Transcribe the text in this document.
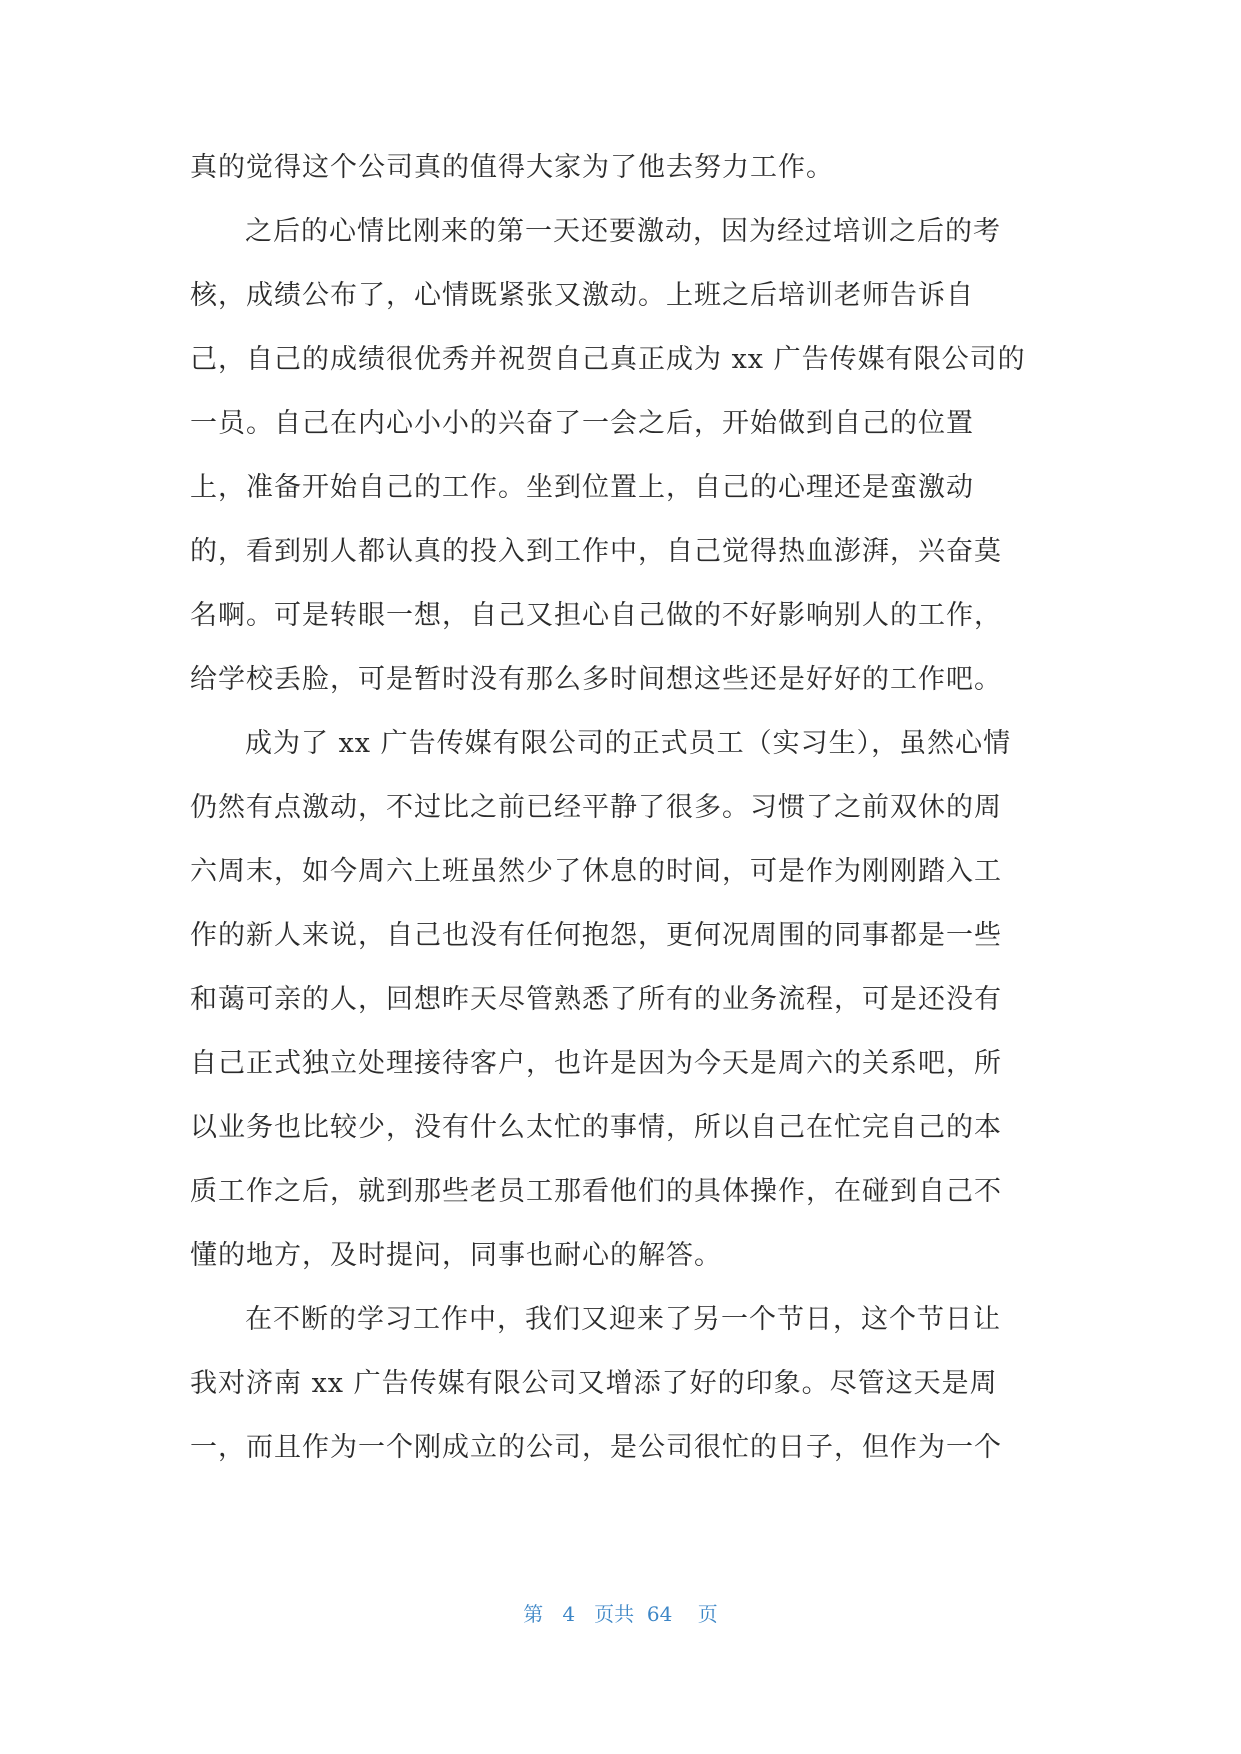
真的觉得这个公司真的值得大家为了他去努力工作。
之后的心情比刚来的第一天还要激动，因为经过培训之后的考
核，成绩公布了，心情既紧张又激动。上班之后培训老师告诉自
己，自己的成绩很优秀并祝贺自己真正成为 xx 广告传媒有限公司的
一员。自己在内心小小的兴奋了一会之后，开始做到自己的位置
上，准备开始自己的工作。坐到位置上，自己的心理还是蛮激动
的，看到别人都认真的投入到工作中，自己觉得热血澎湃，兴奋莫
名啊。可是转眼一想，自己又担心自己做的不好影响别人的工作，
给学校丢脸，可是暂时没有那么多时间想这些还是好好的工作吧。
成为了 xx 广告传媒有限公司的正式员工（实习生），虽然心情
仍然有点激动，不过比之前已经平静了很多。习惯了之前双休的周
六周末，如今周六上班虽然少了休息的时间，可是作为刚刚踏入工
作的新人来说，自己也没有任何抱怨，更何况周围的同事都是一些
和蔼可亲的人，回想昨天尽管熟悉了所有的业务流程，可是还没有
自己正式独立处理接待客户，也许是因为今天是周六的关系吧，所
以业务也比较少，没有什么太忙的事情，所以自己在忙完自己的本
质工作之后，就到那些老员工那看他们的具体操作，在碰到自己不
懂的地方，及时提问，同事也耐心的解答。
在不断的学习工作中，我们又迎来了另一个节日，这个节日让
我对济南 xx 广告传媒有限公司又增添了好的印象。尽管这天是周
一，而且作为一个刚成立的公司，是公司很忙的日子，但作为一个
第 4 页共 64 页
